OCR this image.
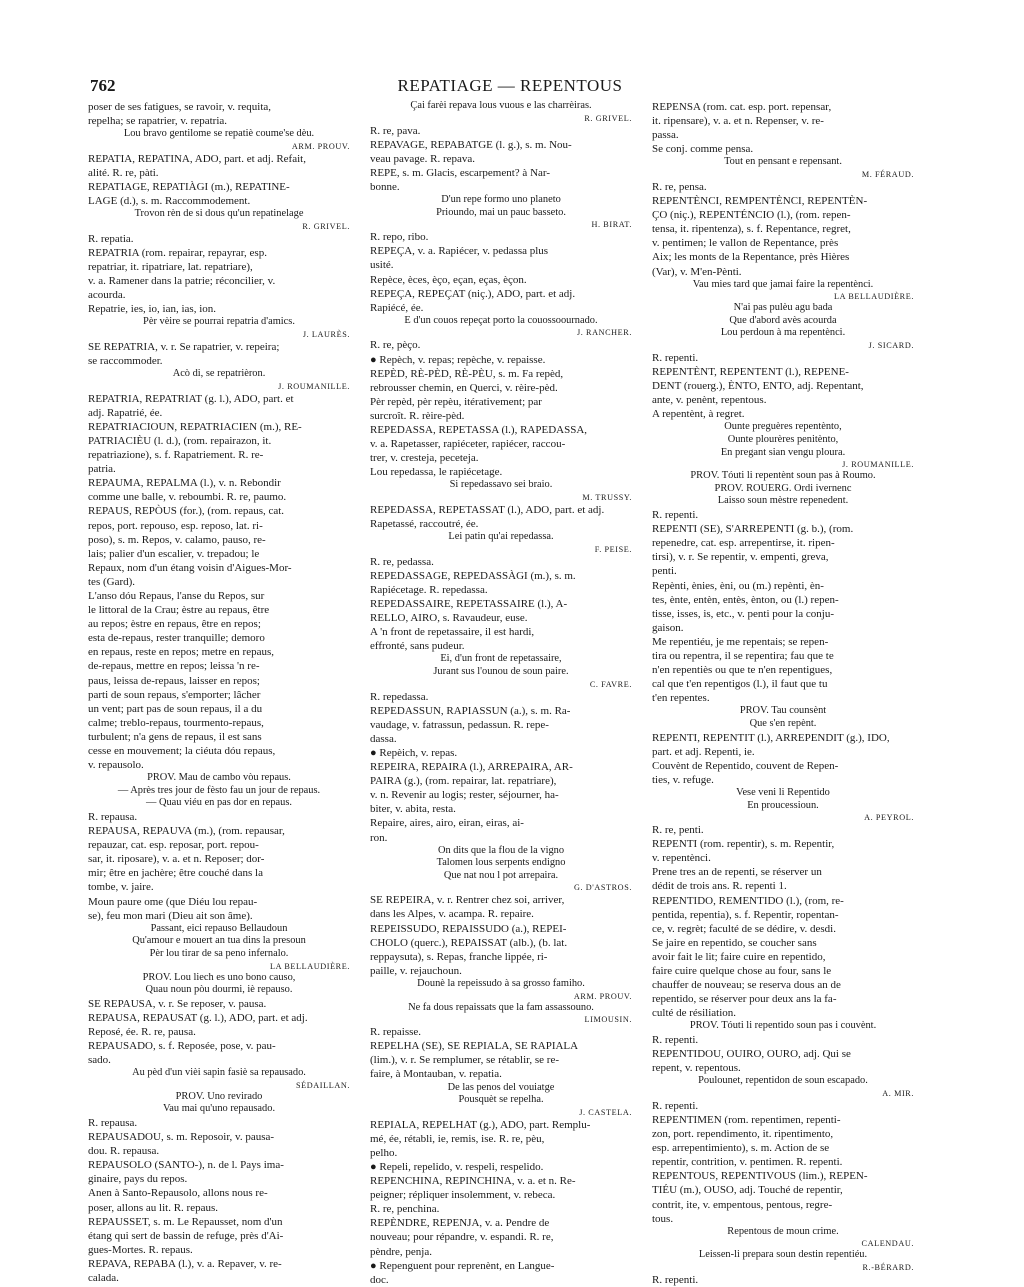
762	REPATIAGE — REPENTOUS

poser de ses fatigues, se ravoir, v. requita,
repelha; se rapatrier, v. repatria.

Lou bravo gentilome se repatiè coume'se dèu.

ARM. PROUV.

REPATIA, REPATINA, ADO, part. et adj. Refait,
alité. R. re, pàti.

REPATIAGE, REPATIÀGI (m.), REPATINE-
LAGE (d.), s. m. Raccommodement.

Trovon rèn de si dous qu'un repatinelage

R. GRIVEL.

R. repatia.
REPATRIA (rom. repairar, repayrar, esp.
repatriar, it. ripatriare, lat. repatriare),
v. a. Ramener dans la patrie; réconcilier, v.
acourda.
Repatrie, ies, io, ian, ias, ion.

Pèr vèire se pourrai repatria d'amics.

J. LAURÈS.

SE REPATRIA, v. r. Se rapatrier, v. repeira;
se raccommoder.

Acò di, se repatrièron.

J. ROUMANILLE.

REPATRIA, REPATRIAT (g. l.), ADO, part. et
adj. Rapatrié, ée.
REPATRIACIOUN, REPATRIACIEN (m.), RE-
PATRIACIÈU (l. d.), (rom. repairazon, it.
repatriazione), s. f. Rapatriement. R. re-
patria.
REPAUMA, REPALMA (l.), v. n. Rebondir
comme une balle, v. reboumbi. R. re, paumo.
REPAUS, REPÒUS (for.), (rom. repaus, cat.
repos, port. repouso, esp. reposo, lat. ri-
poso), s. m. Repos, v. calamo, pauso, re-
lais; palier d'un escalier, v. trepadou; le
Repaux, nom d'un étang voisin d'Aigues-Mor-
tes (Gard).
L'anso dóu Repaus, l'anse du Repos, sur
le littoral de la Crau; èstre au repaus, être
au repos; èstre en repaus, être en repos;
esta de-repaus, rester tranquille; demoro
en repaus, reste en repos; metre en repaus,
de-repaus, mettre en repos; leissa 'n re-
paus, leissa de-repaus, laisser en repos;
parti de soun repaus, s'emporter; lâcher
un vent; part pas de soun repaus, il a du
calme; treblo-repaus, tourmento-repaus,
turbulent; n'a gens de repaus, il est sans
cesse en mouvement; la ciéuta dóu repaus,
v. repausolo.

PROV. Mau de cambo vòu repaus.
— Après tres jour de fèsto fau un jour de repaus.
— Quau viéu en pas dor en repaus.

R. repausa.
REPAUSA, REPAUVA (m.), (rom. repausar,
repauzar, cat. esp. reposar, port. repou-
sar, it. riposare), v. a. et n. Reposer; dor-
mir; être en jachère; être couché dans la
tombe, v. jaire.
Moun paure ome (que Diéu lou repau-
se), feu mon mari (Dieu ait son âme).

Passant, eici repauso Bellaudoun
Qu'amour e mouert an tua dins la presoun
Pèr lou tirar de sa peno infernalo.

LA BELLAUDIÈRE.

PROV. Lou liech es uno bono causo,
Quau noun pòu dourmi, iè repauso.

SE REPAUSA, v. r. Se reposer, v. pausa.
REPAUSA, REPAUSAT (g. l.), ADO, part. et adj.
Reposé, ée. R. re, pausa.
REPAUSADO, s. f. Reposée, pose, v. pau-
sado.

Au pèd d'un vièi sapin fasiè sa repausado.

SÉDAILLAN.

PROV. Uno revirado
Vau mai qu'uno repausado.

R. repausa.
REPAUSADOU, s. m. Reposoir, v. pausa-
dou. R. repausa.
REPAUSOLO (SANTO-), n. de l. Pays ima-
ginaire, pays du repos.
Anen à Santo-Repausolo, allons nous re-
poser, allons au lit. R. repaus.
REPAUSSET, s. m. Le Repausset, nom d'un
étang qui sert de bassin de refuge, près d'Ai-
gues-Mortes. R. repaus.
REPAVA, REPABA (l.), v. a. Repaver, v. re-
calada.

Çai farèi repava lous vuous e las charrèiras.

R. GRIVEL.

R. re, pava.
REPAVAGE, REPABATGE (l. g.), s. m. Nou-
veau pavage. R. repava.
REPE, s. m. Glacis, escarpement? à Nar-
bonne.

D'un repe formo uno planeto
Prioundo, mai un pauc basseto.

H. BIRAT.

R. repo, ribo.
REPEÇA, v. a. Rapiécer, v. pedassa plus
usité.
Repèce, èces, èço, eçan, eças, èçon.
REPEÇA, REPEÇAT (niç.), ADO, part. et adj.
Rapiécé, ée.

E d'un couos repeçat porto la couossoournado.

J. RANCHER.

R. re, pèço.
● Repèch, v. repas; repèche, v. repaisse.
REPÈD, RÈ-PÈD, RÈ-PÈU, s. m. Fa repèd,
rebrousser chemin, en Querci, v. rèire-pèd.
Pèr repèd, pèr repèu, itérativement; par
surcroît. R. rèire-pèd.
REPEDASSA, REPETASSA (l.), RAPEDASSA,
v. a. Rapetasser, rapiéceter, rapiécer, raccou-
trer, v. cresteja, peceteja.
Lou repedassa, le rapiécetage.

Si repedassavo sei braio.

M. TRUSSY.

REPEDASSA, REPETASSAT (l.), ADO, part. et adj.
Rapetassé, raccoutré, ée.

Lei patin qu'ai repedassa.

F. PEISE.

R. re, pedassa.
REPEDASSAGE, REPEDASSÀGI (m.), s. m.
Rapiécetage. R. repedassa.
REPEDASSAIRE, REPETASSAIRE (l.), A-
RELLO, AIRO, s. Ravaudeur, euse.
A 'n front de repetassaire, il est hardi,
effronté, sans pudeur.

Ei, d'un front de repetassaire,
Jurant sus l'ounou de soun paire.

C. FAVRE.

R. repedassa.
REPEDASSUN, RAPIASSUN (a.), s. m. Ra-
vaudage, v. fatrassun, pedassun. R. repe-
dassa.
● Repèich, v. repas.
REPEIRA, REPAIRA (l.), ARREPAIRA, AR-
PAIRA (g.), (rom. repairar, lat. repatriare),
v. n. Revenir au logis; rester, séjourner, ha-
biter, v. abita, resta.
Repaire, aires, airo, eiran, eiras, ai-
ron.

On dits que la flou de la vigno
Talomen lous serpents endigno
Que nat nou l pot arrepaira.

G. D'ASTROS.

SE REPEIRA, v. r. Rentrer chez soi, arriver,
dans les Alpes, v. acampa. R. repaire.
REPEISSUDO, REPAISSUDO (a.), REPEI-
CHOLO (querc.), REPAISSAT (alb.), (b. lat.
reppaysuta), s. Repas, franche lippée, ri-
paille, v. rejauchoun.

Dounè la repeissudo à sa grosso famiho.

ARM. PROUV.

Ne fa dous repaissats que la fam assassouno.

LIMOUSIN.

R. repaisse.
REPELHA (SE), SE REPIALA, SE RAPIALA
(lim.), v. r. Se remplumer, se rétablir, se re-
faire, à Montauban, v. repatia.

De las penos del vouiatge
Pousquèt se repelha.

J. CASTELA.

REPIALA, REPELHAT (g.), ADO, part. Remplu-
mé, ée, rétabli, ie, remis, ise. R. re, pèu,
pelho.
● Repeli, repelido, v. respeli, respelido.
REPENCHINA, REPINCHINA, v. a. et n. Re-
peigner; répliquer insolemment, v. rebeca.
R. re, penchina.
REPÈNDRE, REPENJA, v. a. Pendre de
nouveau; pour répandre, v. espandi. R. re,
pèndre, penja.
● Repenguent pour reprenènt, en Langue-
doc.

REPENSA (rom. cat. esp. port. repensar,
it. ripensare), v. a. et n. Repenser, v. re-
passa.
Se conj. comme pensa.

Tout en pensant e repensant.

M. FÉRAUD.

R. re, pensa.
REPENTÈNCI, REMPENTÈNCI, REPENTÈN-
ÇO (niç.), REPENTÉNCIO (l.), (rom. repen-
tensa, it. ripentenza), s. f. Repentance, regret,
v. pentimen; le vallon de Repentance, près
Aix; les monts de la Repentance, près Hières
(Var), v. M'en-Pènti.

Vau mies tard que jamai faire la repentènci.

LA BELLAUDIÈRE.

N'ai pas pulèu agu bada
Que d'abord avès acourda
Lou perdoun à ma repentènci.

J. SICARD.

R. repenti.
REPENTÈNT, REPENTENT (l.), REPENE-
DENT (rouerg.), ÈNTO, ENTO, adj. Repentant,
ante, v. penènt, repentous.
A repentènt, à regret.

Ounte preguères repentènto,
Ounte plourères penitènto,
En pregant sian vengu ploura.

J. ROUMANILLE.

PROV. Tóuti li repentènt soun pas à Roumo.
PROV. ROUERG. Ordi ivernenc
Laisso soun mèstre repenedent.

R. repenti.
REPENTI (SE), S'ARREPENTI (g. b.), (rom.
repenedre, cat. esp. arrepentirse, it. ripen-
tirsi), v. r. Se repentir, v. empenti, greva,
penti.
Repènti, ènies, èni, ou (m.) repènti, èn-
tes, ènte, entèn, entès, ènton, ou (l.) repen-
tisse, isses, is, etc., v. penti pour la conju-
gaison.
Me repentiéu, je me repentais; se repen-
tira ou repentra, il se repentira; fau que te
n'en repentiès ou que te n'en repentigues,
cal que t'en repentigos (l.), il faut que tu
t'en repentes.

PROV. Tau counsènt
Que s'en repènt.

REPENTI, REPENTIT (l.), ARREPENDIT (g.), IDO,
part. et adj. Repenti, ie.
Couvènt de Repentido, couvent de Repen-
ties, v. refuge.

Vese veni li Repentido
En proucessioun.

A. PEYROL.

R. re, penti.
REPENTI (rom. repentir), s. m. Repentir,
v. repentènci.
Prene tres an de repenti, se réserver un
dédit de trois ans. R. repenti 1.
REPENTIDO, REMENTIDO (l.), (rom, re-
pentida, repentia), s. f. Repentir, ropentan-
ce, v. regrèt; faculté de se dédire, v. desdi.
Se jaire en repentido, se coucher sans
avoir fait le lit; faire cuire en repentido,
faire cuire quelque chose au four, sans le
chauffer de nouveau; se reserva dous an de
repentido, se réserver pour deux ans la fa-
culté de résiliation.

PROV. Tóuti li repentido soun pas i couvènt.

R. repenti.
REPENTIDOU, OUIRO, OURO, adj. Qui se
repent, v. repentous.

Poulounet, repentidon de soun escapado.

A. MIR.

R. repenti.
REPENTIMEN (rom. repentimen, repenti-
zon, port. rependimento, it. ripentimento,
esp. arrepentimiento), s. m. Action de se
repentir, contrition, v. pentimen. R. repenti.
REPENTOUS, REPENTIVOUS (lim.), REPEN-
TIÉU (m.), OUSO, adj. Touché de repentir,
contrit, ite, v. empentous, pentous, regre-
tous.

Repentous de moun crime.

CALENDAU.

Leissen-li prepara soun destin repentiéu.

R.-BÉRARD.

R. repenti.
